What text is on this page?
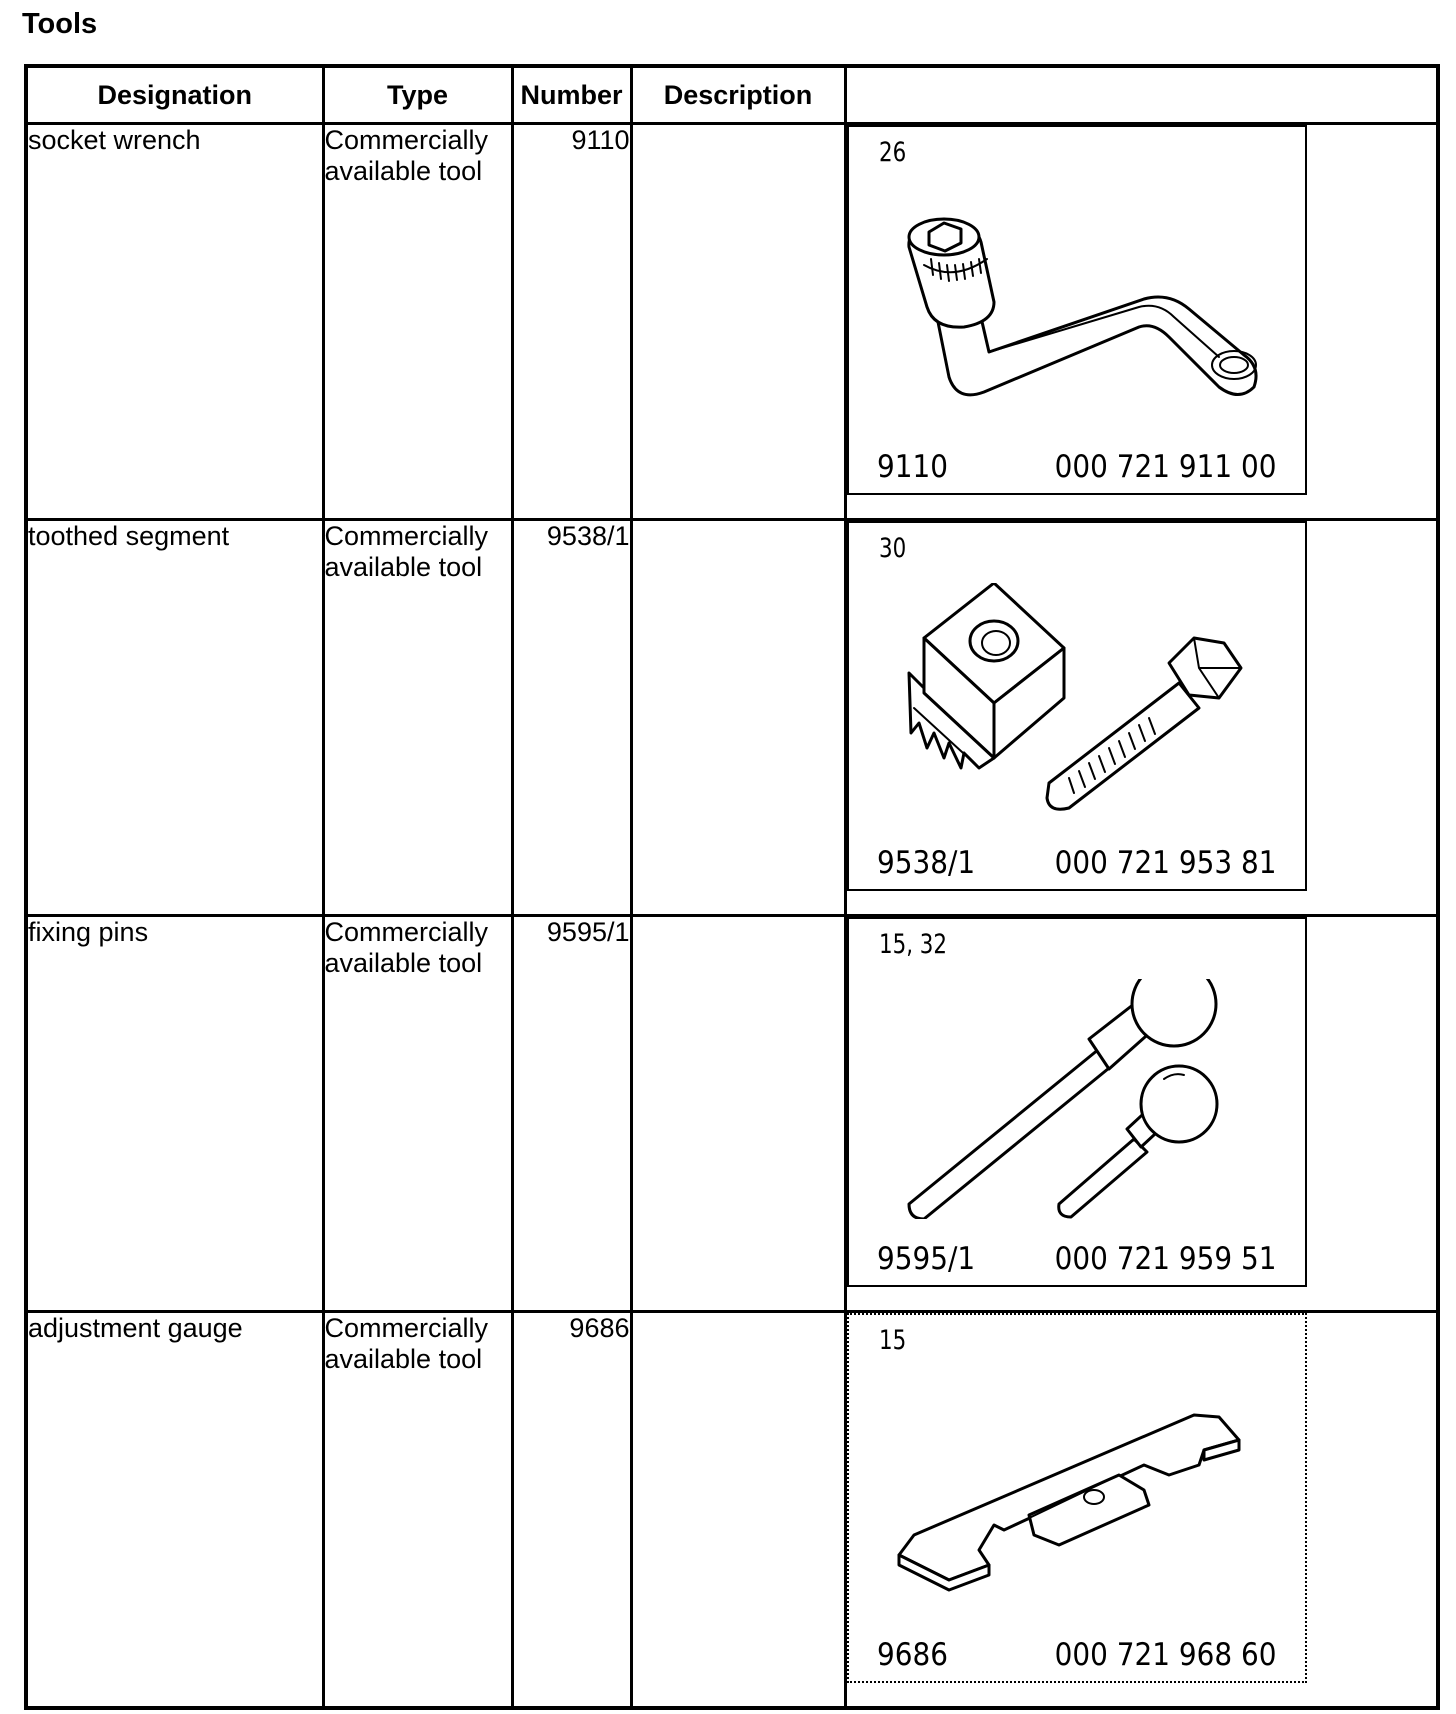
Tools
Designation	Type	Number	Description	
socket wrench	Commercially available tool	9110		26
9110 000 721 911 00

toothed segment	Commercially available tool	9538/1		30
9538/1 000 721 953 81

fixing pins	Commercially available tool	9595/1		15, 32
9595/1 000 721 959 51

adjustment gauge	Commercially available tool	9686		15
9686 000 721 968 60
